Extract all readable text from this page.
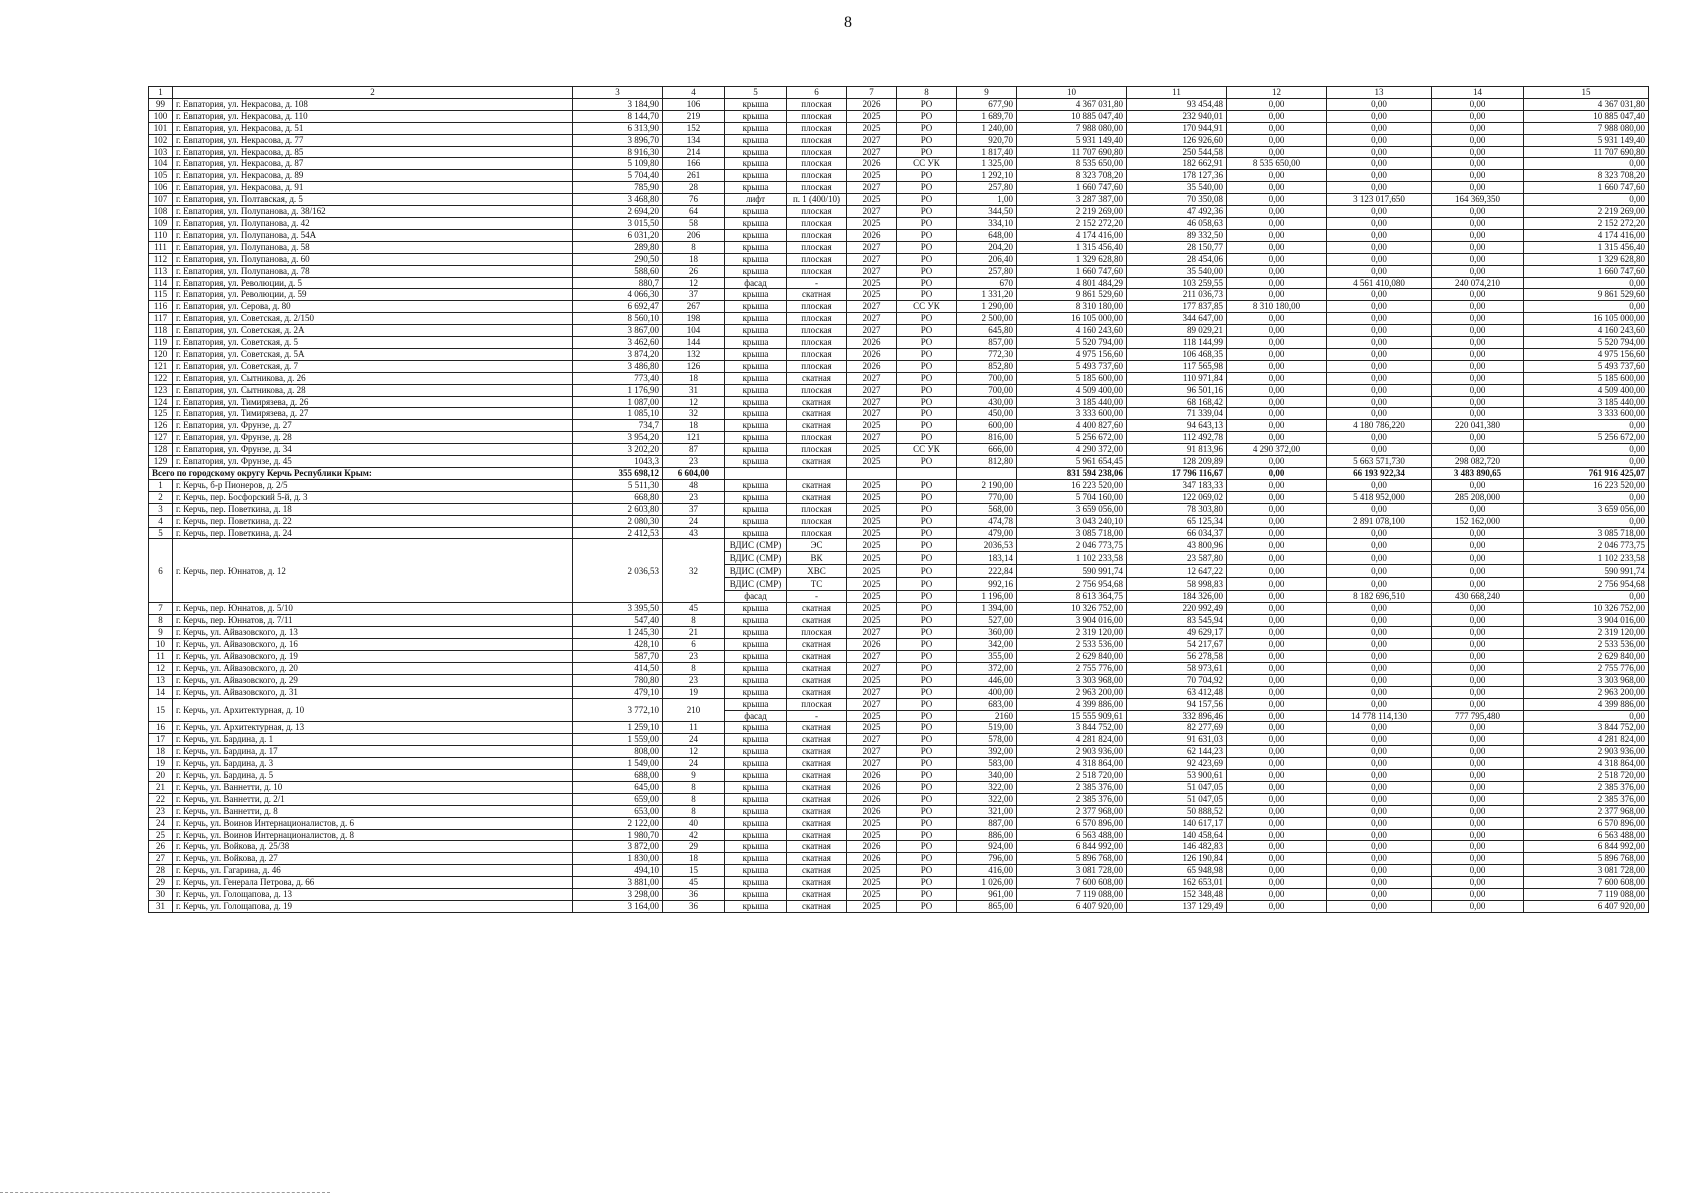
8
1	2	3	4	5	6	7	8	9	10	11	12	13	14	15
99	г. Евпатория, ул. Некрасова, д. 108	3 184,90	106	крыша	плоская	2026	РО	677,90	4 367 031,80	93 454,48	0,00	0,00	0,00	4 367 031,80
100	г. Евпатория, ул. Некрасова, д. 110	8 144,70	219	крыша	плоская	2025	РО	1 689,70	10 885 047,40	232 940,01	0,00	0,00	0,00	10 885 047,40
101	г. Евпатория, ул. Некрасова, д. 51	6 313,90	152	крыша	плоская	2025	РО	1 240,00	7 988 080,00	170 944,91	0,00	0,00	0,00	7 988 080,00
102	г. Евпатория, ул. Некрасова, д. 77	3 896,70	134	крыша	плоская	2027	РО	920,70	5 931 149,40	126 926,60	0,00	0,00	0,00	5 931 149,40
103	г. Евпатория, ул. Некрасова, д. 85	8 916,30	214	крыша	плоская	2027	РО	1 817,40	11 707 690,80	250 544,58	0,00	0,00	0,00	11 707 690,80
104	г. Евпатория, ул. Некрасова, д. 87	5 109,80	166	крыша	плоская	2026	СС УК	1 325,00	8 535 650,00	182 662,91	8 535 650,00	0,00	0,00	0,00
105	г. Евпатория, ул. Некрасова, д. 89	5 704,40	261	крыша	плоская	2025	РО	1 292,10	8 323 708,20	178 127,36	0,00	0,00	0,00	8 323 708,20
106	г. Евпатория, ул. Некрасова, д. 91	785,90	28	крыша	плоская	2027	РО	257,80	1 660 747,60	35 540,00	0,00	0,00	0,00	1 660 747,60
107	г. Евпатория, ул. Полтавская, д. 5	3 468,80	76	лифт	п. 1 (400/10)	2025	РО	1,00	3 287 387,00	70 350,08	0,00	3 123 017,650	164 369,350	0,00
108	г. Евпатория, ул. Полупанова, д. 38/162	2 694,20	64	крыша	плоская	2027	РО	344,50	2 219 269,00	47 492,36	0,00	0,00	0,00	2 219 269,00
109	г. Евпатория, ул. Полупанова, д. 42	3 015,50	58	крыша	плоская	2025	РО	334,10	2 152 272,20	46 058,63	0,00	0,00	0,00	2 152 272,20
110	г. Евпатория, ул. Полупанова, д. 54А	6 031,20	206	крыша	плоская	2026	РО	648,00	4 174 416,00	89 332,50	0,00	0,00	0,00	4 174 416,00
111	г. Евпатория, ул. Полупанова, д. 58	289,80	8	крыша	плоская	2027	РО	204,20	1 315 456,40	28 150,77	0,00	0,00	0,00	1 315 456,40
112	г. Евпатория, ул. Полупанова, д. 60	290,50	18	крыша	плоская	2027	РО	206,40	1 329 628,80	28 454,06	0,00	0,00	0,00	1 329 628,80
113	г. Евпатория, ул. Полупанова, д. 78	588,60	26	крыша	плоская	2027	РО	257,80	1 660 747,60	35 540,00	0,00	0,00	0,00	1 660 747,60
114	г. Евпатория, ул. Революции, д. 5	880,7	12	фасад	-	2025	РО	670	4 801 484,29	103 259,55	0,00	4 561 410,080	240 074,210	0,00
115	г. Евпатория, ул. Революции, д. 59	4 066,30	37	крыша	скатная	2025	РО	1 331,20	9 861 529,60	211 036,73	0,00	0,00	0,00	9 861 529,60
116	г. Евпатория, ул. Серова, д. 80	6 692,47	267	крыша	плоская	2027	СС УК	1 290,00	8 310 180,00	177 837,85	8 310 180,00	0,00	0,00	0,00
117	г. Евпатория, ул. Советская, д. 2/150	8 560,10	198	крыша	плоская	2027	РО	2 500,00	16 105 000,00	344 647,00	0,00	0,00	0,00	16 105 000,00
118	г. Евпатория, ул. Советская, д. 2А	3 867,00	104	крыша	плоская	2027	РО	645,80	4 160 243,60	89 029,21	0,00	0,00	0,00	4 160 243,60
119	г. Евпатория, ул. Советская, д. 5	3 462,60	144	крыша	плоская	2026	РО	857,00	5 520 794,00	118 144,99	0,00	0,00	0,00	5 520 794,00
120	г. Евпатория, ул. Советская, д. 5А	3 874,20	132	крыша	плоская	2026	РО	772,30	4 975 156,60	106 468,35	0,00	0,00	0,00	4 975 156,60
121	г. Евпатория, ул. Советская, д. 7	3 486,80	126	крыша	плоская	2026	РО	852,80	5 493 737,60	117 565,98	0,00	0,00	0,00	5 493 737,60
122	г. Евпатория, ул. Сытникова, д. 26	773,40	18	крыша	скатная	2027	РО	700,00	5 185 600,00	110 971,84	0,00	0,00	0,00	5 185 600,00
123	г. Евпатория, ул. Сытникова, д. 28	1 176,90	31	крыша	плоская	2027	РО	700,00	4 509 400,00	96 501,16	0,00	0,00	0,00	4 509 400,00
124	г. Евпатория, ул. Тимирязева, д. 26	1 087,00	12	крыша	скатная	2027	РО	430,00	3 185 440,00	68 168,42	0,00	0,00	0,00	3 185 440,00
125	г. Евпатория, ул. Тимирязева, д. 27	1 085,10	32	крыша	скатная	2027	РО	450,00	3 333 600,00	71 339,04	0,00	0,00	0,00	3 333 600,00
126	г. Евпатория, ул. Фрунзе, д. 27	734,7	18	крыша	скатная	2025	РО	600,00	4 400 827,60	94 643,13	0,00	4 180 786,220	220 041,380	0,00
127	г. Евпатория, ул. Фрунзе, д. 28	3 954,20	121	крыша	плоская	2027	РО	816,00	5 256 672,00	112 492,78	0,00	0,00	0,00	5 256 672,00
128	г. Евпатория, ул. Фрунзе, д. 34	3 202,20	87	крыша	плоская	2025	СС УК	666,00	4 290 372,00	91 813,96	4 290 372,00	0,00	0,00	0,00
129	г. Евпатория, ул. Фрунзе, д. 45	1043,3	23	крыша	скатная	2025	РО	812,80	5 961 654,45	128 209,89	0,00	5 663 571,730	298 082,720	0,00
Всего по городскому округу Керчь Республики Крым:		355 698,12	6 604,00						831 594 238,06	17 796 116,67	0,00	66 193 922,34	3 483 890,65	761 916 425,07
1	г. Керчь, б-р Пионеров, д. 2/5	5 511,30	48	крыша	скатная	2025	РО	2 190,00	16 223 520,00	347 183,33	0,00	0,00	0,00	16 223 520,00
2	г. Керчь, пер. Босфорский 5-й, д. 3	668,80	23	крыша	скатная	2025	РО	770,00	5 704 160,00	122 069,02	0,00	5 418 952,000	285 208,000	0,00
3	г. Керчь, пер. Поветкина, д. 18	2 603,80	37	крыша	плоская	2025	РО	568,00	3 659 056,00	78 303,80	0,00	0,00	0,00	3 659 056,00
4	г. Керчь, пер. Поветкина, д. 22	2 080,30	24	крыша	плоская	2025	РО	474,78	3 043 240,10	65 125,34	0,00	2 891 078,100	152 162,000	0,00
5	г. Керчь, пер. Поветкина, д. 24	2 412,53	43	крыша	плоская	2025	РО	479,00	3 085 718,00	66 034,37	0,00	0,00	0,00	3 085 718,00
6	г. Керчь, пер. Юннатов, д. 12	2 036,53	32	ВДИС (СМР)	ЭС	2025	РО	2036,53	2 046 773,75	43 800,96	0,00	0,00	0,00	2 046 773,75
				ВДИС (СМР)	ВК	2025	РО	183,14	1 102 233,58	23 587,80	0,00	0,00	0,00	1 102 233,58
				ВДИС (СМР)	ХВС	2025	РО	222,84	590 991,74	12 647,22	0,00	0,00	0,00	590 991,74
				ВДИС (СМР)	ТС	2025	РО	992,16	2 756 954,68	58 998,83	0,00	0,00	0,00	2 756 954,68
				фасад	-	2025	РО	1 196,00	8 613 364,75	184 326,00	0,00	8 182 696,510	430 668,240	0,00
7	г. Керчь, пер. Юннатов, д. 5/10	3 395,50	45	крыша	скатная	2025	РО	1 394,00	10 326 752,00	220 992,49	0,00	0,00	0,00	10 326 752,00
8	г. Керчь, пер. Юннатов, д. 7/11	547,40	8	крыша	скатная	2025	РО	527,00	3 904 016,00	83 545,94	0,00	0,00	0,00	3 904 016,00
9	г. Керчь, ул. Айвазовского, д. 13	1 245,30	21	крыша	плоская	2027	РО	360,00	2 319 120,00	49 629,17	0,00	0,00	0,00	2 319 120,00
10	г. Керчь, ул. Айвазовского, д. 16	428,10	6	крыша	скатная	2026	РО	342,00	2 533 536,00	54 217,67	0,00	0,00	0,00	2 533 536,00
11	г. Керчь, ул. Айвазовского, д. 19	587,70	23	крыша	скатная	2027	РО	355,00	2 629 840,00	56 278,58	0,00	0,00	0,00	2 629 840,00
12	г. Керчь, ул. Айвазовского, д. 20	414,50	8	крыша	скатная	2027	РО	372,00	2 755 776,00	58 973,61	0,00	0,00	0,00	2 755 776,00
13	г. Керчь, ул. Айвазовского, д. 29	780,80	23	крыша	скатная	2025	РО	446,00	3 303 968,00	70 704,92	0,00	0,00	0,00	3 303 968,00
14	г. Керчь, ул. Айвазовского, д. 31	479,10	19	крыша	скатная	2027	РО	400,00	2 963 200,00	63 412,48	0,00	0,00	0,00	2 963 200,00
15	г. Керчь, ул. Архитектурная, д. 10	3 772,10	210	крыша	плоская	2027	РО	683,00	4 399 886,00	94 157,56	0,00	0,00	0,00	4 399 886,00
				фасад	-	2025	РО	2160	15 555 909,61	332 896,46	0,00	14 778 114,130	777 795,480	0,00
16	г. Керчь, ул. Архитектурная, д. 13	1 259,10	11	крыша	скатная	2025	РО	519,00	3 844 752,00	82 277,69	0,00	0,00	0,00	3 844 752,00
17	г. Керчь, ул. Бардина, д. 1	1 559,00	24	крыша	скатная	2027	РО	578,00	4 281 824,00	91 631,03	0,00	0,00	0,00	4 281 824,00
18	г. Керчь, ул. Бардина, д. 17	808,00	12	крыша	скатная	2027	РО	392,00	2 903 936,00	62 144,23	0,00	0,00	0,00	2 903 936,00
19	г. Керчь, ул. Бардина, д. 3	1 549,00	24	крыша	скатная	2027	РО	583,00	4 318 864,00	92 423,69	0,00	0,00	0,00	4 318 864,00
20	г. Керчь, ул. Бардина, д. 5	688,00	9	крыша	скатная	2026	РО	340,00	2 518 720,00	53 900,61	0,00	0,00	0,00	2 518 720,00
21	г. Керчь, ул. Ваннетти, д. 10	645,00	8	крыша	скатная	2026	РО	322,00	2 385 376,00	51 047,05	0,00	0,00	0,00	2 385 376,00
22	г. Керчь, ул. Ваннетти, д. 2/1	659,00	8	крыша	скатная	2026	РО	322,00	2 385 376,00	51 047,05	0,00	0,00	0,00	2 385 376,00
23	г. Керчь, ул. Ваннетти, д. 8	653,00	8	крыша	скатная	2026	РО	321,00	2 377 968,00	50 888,52	0,00	0,00	0,00	2 377 968,00
24	г. Керчь, ул. Воинов Интернационалистов, д. 6	2 122,00	40	крыша	скатная	2025	РО	887,00	6 570 896,00	140 617,17	0,00	0,00	0,00	6 570 896,00
25	г. Керчь, ул. Воинов Интернационалистов, д. 8	1 980,70	42	крыша	скатная	2025	РО	886,00	6 563 488,00	140 458,64	0,00	0,00	0,00	6 563 488,00
26	г. Керчь, ул. Войкова, д. 25/38	3 872,00	29	крыша	скатная	2026	РО	924,00	6 844 992,00	146 482,83	0,00	0,00	0,00	6 844 992,00
27	г. Керчь, ул. Войкова, д. 27	1 830,00	18	крыша	скатная	2026	РО	796,00	5 896 768,00	126 190,84	0,00	0,00	0,00	5 896 768,00
28	г. Керчь, ул. Гагарина, д. 46	494,10	15	крыша	скатная	2025	РО	416,00	3 081 728,00	65 948,98	0,00	0,00	0,00	3 081 728,00
29	г. Керчь, ул. Генерала Петрова, д. 66	3 881,00	45	крыша	скатная	2025	РО	1 026,00	7 600 608,00	162 653,01	0,00	0,00	0,00	7 600 608,00
30	г. Керчь, ул. Голощапова, д. 13	3 298,00	36	крыша	скатная	2025	РО	961,00	7 119 088,00	152 348,48	0,00	0,00	0,00	7 119 088,00
31	г. Керчь, ул. Голощапова, д. 19	3 164,00	36	крыша	скатная	2025	РО	865,00	6 407 920,00	137 129,49	0,00	0,00	0,00	6 407 920,00
